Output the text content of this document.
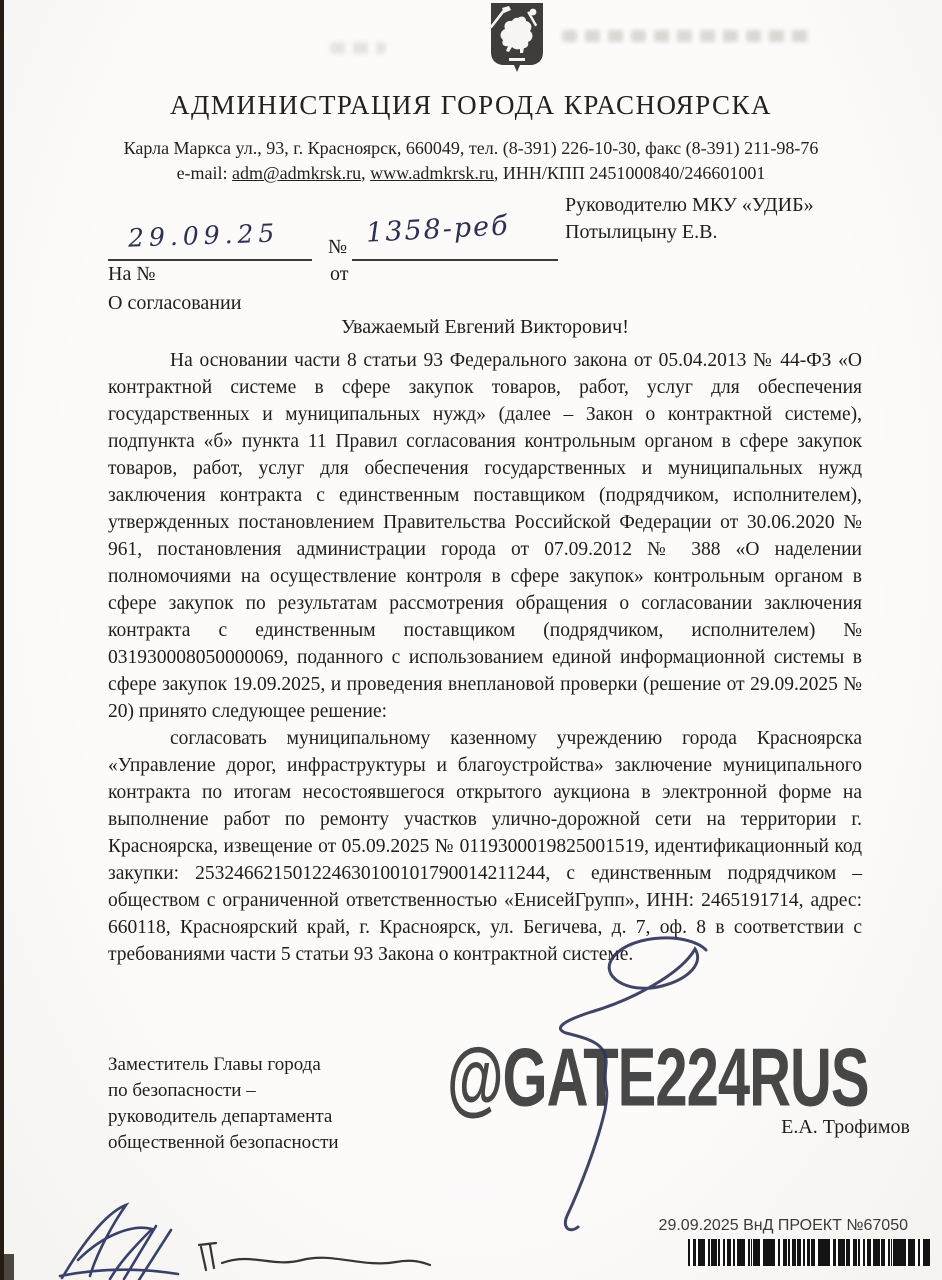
АДМИНИСТРАЦИЯ ГОРОДА КРАСНОЯРСКА
Карла Маркса ул., 93, г. Красноярск, 660049, тел. (8-391) 226-10-30, факс (8-391) 211-98-76
e-mail: adm@admkrsk.ru, www.admkrsk.ru, ИНН/КПП 2451000840/246601001
Руководителю МКУ «УДИБ»
Потылицыну Е.В.
29.09.25 № 1358-реб
На №	от
О согласовании
Уважаемый Евгений Викторович!

На основании части 8 статьи 93 Федерального закона от 05.04.2013 № 44-ФЗ «О контрактной системе в сфере закупок товаров, работ, услуг для обеспечения государственных и муниципальных нужд» (далее – Закон о контрактной системе), подпункта «б» пункта 11 Правил согласования контрольным органом в сфере закупок товаров, работ, услуг для обеспечения государственных и муниципальных нужд заключения контракта с единственным поставщиком (подрядчиком, исполнителем), утвержденных постановлением Правительства Российской Федерации от 30.06.2020 № 961, постановления администрации города от 07.09.2012 № 388 «О наделении полномочиями на осуществление контроля в сфере закупок» контрольным органом в сфере закупок по результатам рассмотрения обращения о согласовании заключения контракта с единственным поставщиком (подрядчиком, исполнителем) № 031930008050000069, поданного с использованием единой информационной системы в сфере закупок 19.09.2025, и проведения внеплановой проверки (решение от 29.09.2025 № 20) принято следующее решение:

согласовать муниципальному казенному учреждению города Красноярска «Управление дорог, инфраструктуры и благоустройства» заключение муниципального контракта по итогам несостоявшегося открытого аукциона в электронной форме на выполнение работ по ремонту участков улично-дорожной сети на территории г. Красноярска, извещение от 05.09.2025 № 0119300019825001519, идентификационный код закупки: 253246621501224630100101790014211244, с единственным подрядчиком – обществом с ограниченной ответственностью «ЕнисейГрупп», ИНН: 2465191714, адрес: 660118, Красноярский край, г. Красноярск, ул. Бегичева, д. 7, оф. 8 в соответствии с требованиями части 5 статьи 93 Закона о контрактной системе.

Заместитель Главы города
по безопасности –
руководитель департамента
общественной безопасности
Е.А. Трофимов
@GATE224RUS
29.09.2025 ВнД ПРОЕКТ №67050
